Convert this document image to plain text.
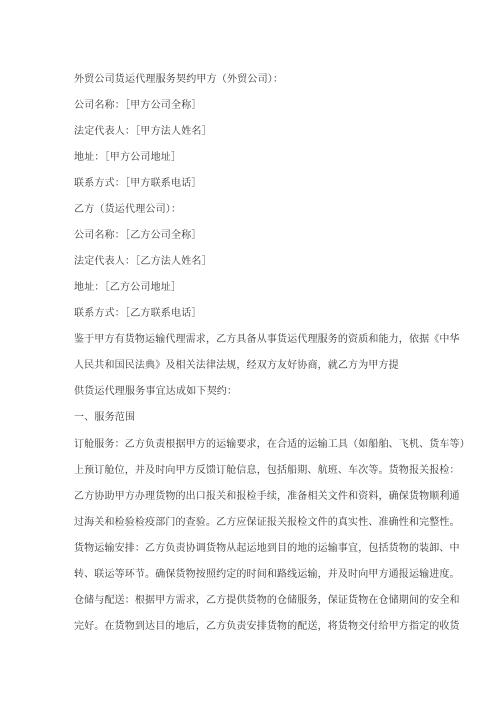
外贸公司货运代理服务契约甲方（外贸公司）：
公司名称：［甲方公司全称］
法定代表人：［甲方法人姓名］
地址：［甲方公司地址］
联系方式：［甲方联系电话］
乙方（货运代理公司）：
公司名称：［乙方公司全称］
法定代表人：［乙方法人姓名］
地址：［乙方公司地址］
联系方式：［乙方联系电话］
鉴于甲方有货物运输代理需求，乙方具备从事货运代理服务的资质和能力，依据《中华
人民共和国民法典》及相关法律法规，经双方友好协商，就乙方为甲方提
供货运代理服务事宜达成如下契约：
一、服务范围
订舱服务：乙方负责根据甲方的运输要求，在合适的运输工具（如船舶、飞机、货车等）
上预订舱位，并及时向甲方反馈订舱信息，包括船期、航班、车次等。货物报关报检：
乙方协助甲方办理货物的出口报关和报检手续，准备相关文件和资料，确保货物顺利通
过海关和检验检疫部门的查验。乙方应保证报关报检文件的真实性、准确性和完整性。
货物运输安排：乙方负责协调货物从起运地到目的地的运输事宜，包括货物的装卸、中
转、联运等环节。确保货物按照约定的时间和路线运输，并及时向甲方通报运输进度。
仓储与配送：根据甲方需求，乙方提供货物的仓储服务，保证货物在仓储期间的安全和
完好。在货物到达目的地后，乙方负责安排货物的配送，将货物交付给甲方指定的收货
